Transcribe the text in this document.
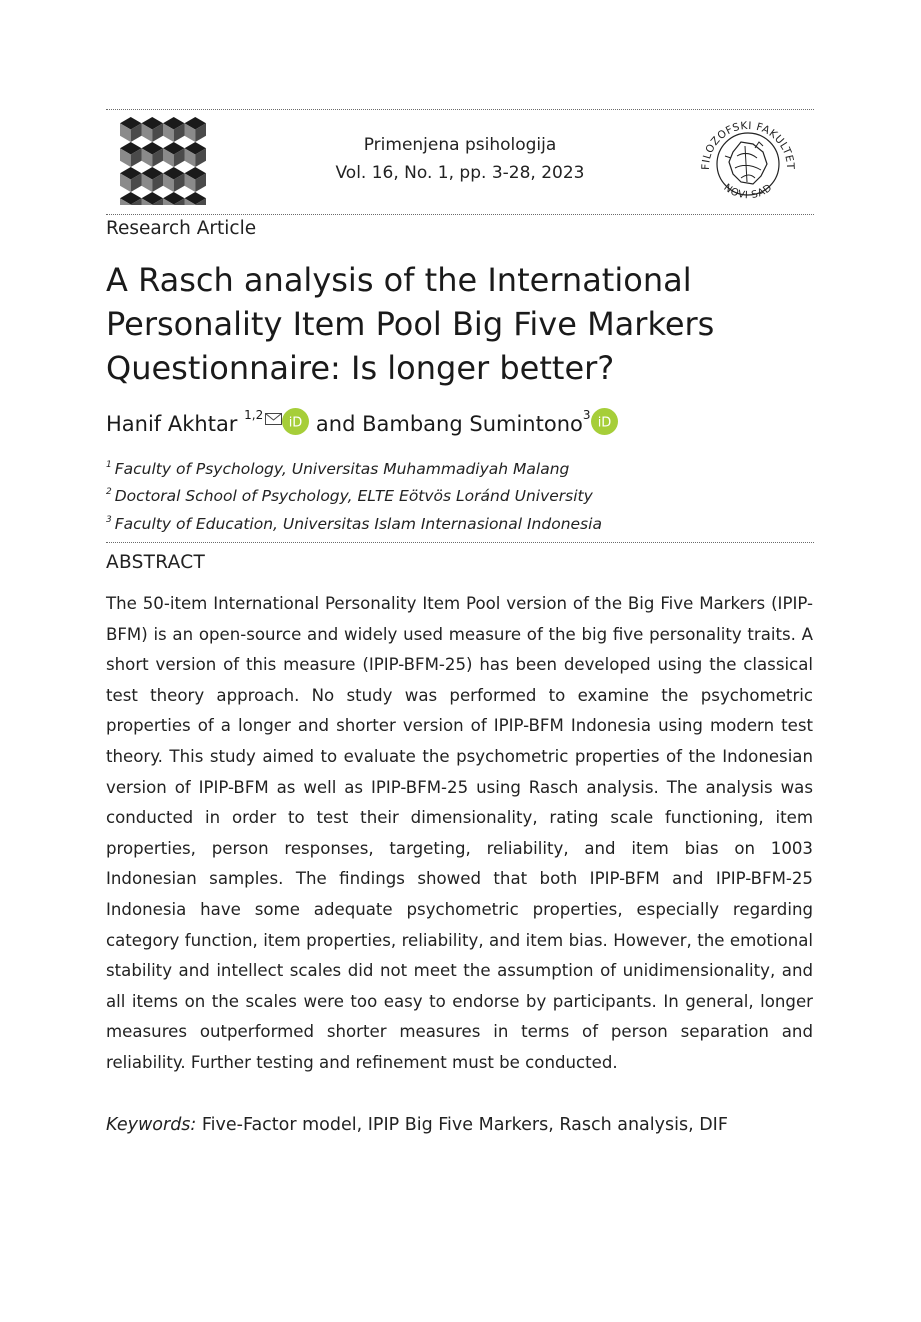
Primenjena psihologija
Vol. 16, No. 1, pp. 3-28, 2023	FILOZOFSKI FAKULTET
NOVI SAD
Research Article
A Rasch analysis of the International Personality Item Pool Big Five Markers Questionnaire: Is longer better?
Hanif Akhtar $^{1,2}$
iD and Bambang Sumintono$^3$
iD
$^1$ Faculty of Psychology, Universitas Muhammadiyah Malang
$^2$ Doctoral School of Psychology, ELTE Eötvös Loránd University
$^3$ Faculty of Education, Universitas Islam Internasional Indonesia
ABSTRACT

The 50-item International Personality Item Pool version of the Big Five Markers (IPIP-BFM) is an open-source and widely used measure of the big five personality traits. A short version of this measure (IPIP-BFM-25) has been developed using the classical test theory approach. No study was performed to examine the psychometric properties of a longer and shorter version of IPIP-BFM Indonesia using modern test theory. This study aimed to evaluate the psychometric properties of the Indonesian version of IPIP-BFM as well as IPIP-BFM-25 using Rasch analysis. The analysis was conducted in order to test their dimensionality, rating scale functioning, item properties, person responses, targeting, reliability, and item bias on 1003 Indonesian samples. The findings showed that both IPIP-BFM and IPIP-BFM-25 Indonesia have some adequate psychometric properties, especially regarding category function, item properties, reliability, and item bias. However, the emotional stability and intellect scales did not meet the assumption of unidimensionality, and all items on the scales were too easy to endorse by participants. In general, longer measures outperformed shorter measures in terms of person separation and reliability. Further testing and refinement must be conducted.

Keywords: Five-Factor model, IPIP Big Five Markers, Rasch analysis, DIF
